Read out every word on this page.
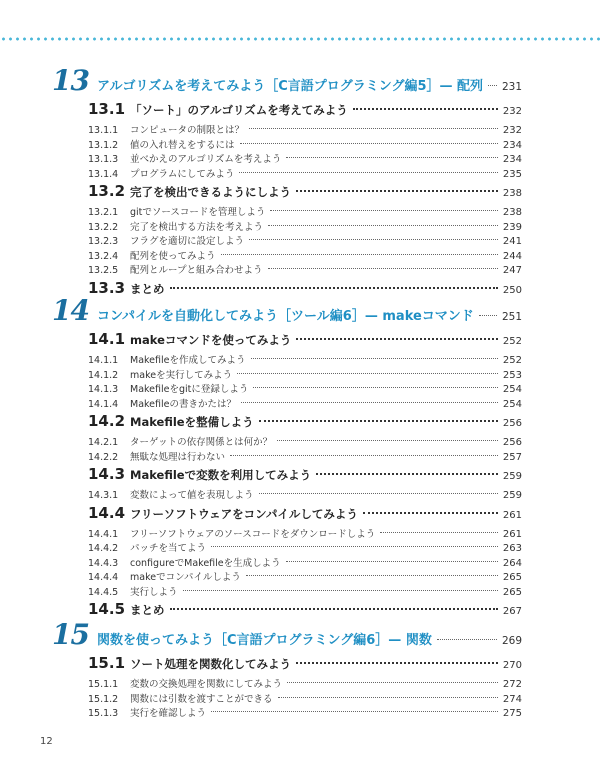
13 アルゴリズムを考えてみよう［C言語プログラミング編5］— 配列 231
13.1 「ソート」のアルゴリズムを考えてみよう	232
13.1.1	コンピュータの制限とは？	232
13.1.2	値の入れ替えをするには	234
13.1.3	並べかえのアルゴリズムを考えよう	234
13.1.4	プログラムにしてみよう	235
13.2 完了を検出できるようにしよう	238
13.2.1	gitでソースコードを管理しよう	238
13.2.2	完了を検出する方法を考えよう	239
13.2.3	フラグを適切に設定しよう	241
13.2.4	配列を使ってみよう	244
13.2.5	配列とループと組み合わせよう	247
13.3 まとめ	250
14 コンパイルを自動化してみよう［ツール編6］— makeコマンド	251
14.1 makeコマンドを使ってみよう	252
14.1.1	Makefileを作成してみよう	252
14.1.2	makeを実行してみよう	253
14.1.3	Makefileをgitに登録しよう	254
14.1.4	Makefileの書きかたは？	254
14.2 Makefileを整備しよう	256
14.2.1	ターゲットの依存関係とは何か？	256
14.2.2	無駄な処理は行わない	257
14.3 Makefileで変数を利用してみよう	259
14.3.1	変数によって値を表現しよう	259
14.4 フリーソフトウェアをコンパイルしてみよう	261
14.4.1	フリーソフトウェアのソースコードをダウンロードしよう	261
14.4.2	パッチを当てよう	263
14.4.3	configureでMakefileを生成しよう	264
14.4.4	makeでコンパイルしよう	265
14.4.5	実行しよう	265
14.5 まとめ	267
15 関数を使ってみよう［C言語プログラミング編6］— 関数	269
15.1 ソート処理を関数化してみよう	270
15.1.1	変数の交換処理を関数にしてみよう	272
15.1.2	関数には引数を渡すことができる	274
15.1.3	実行を確認しよう	275
12
